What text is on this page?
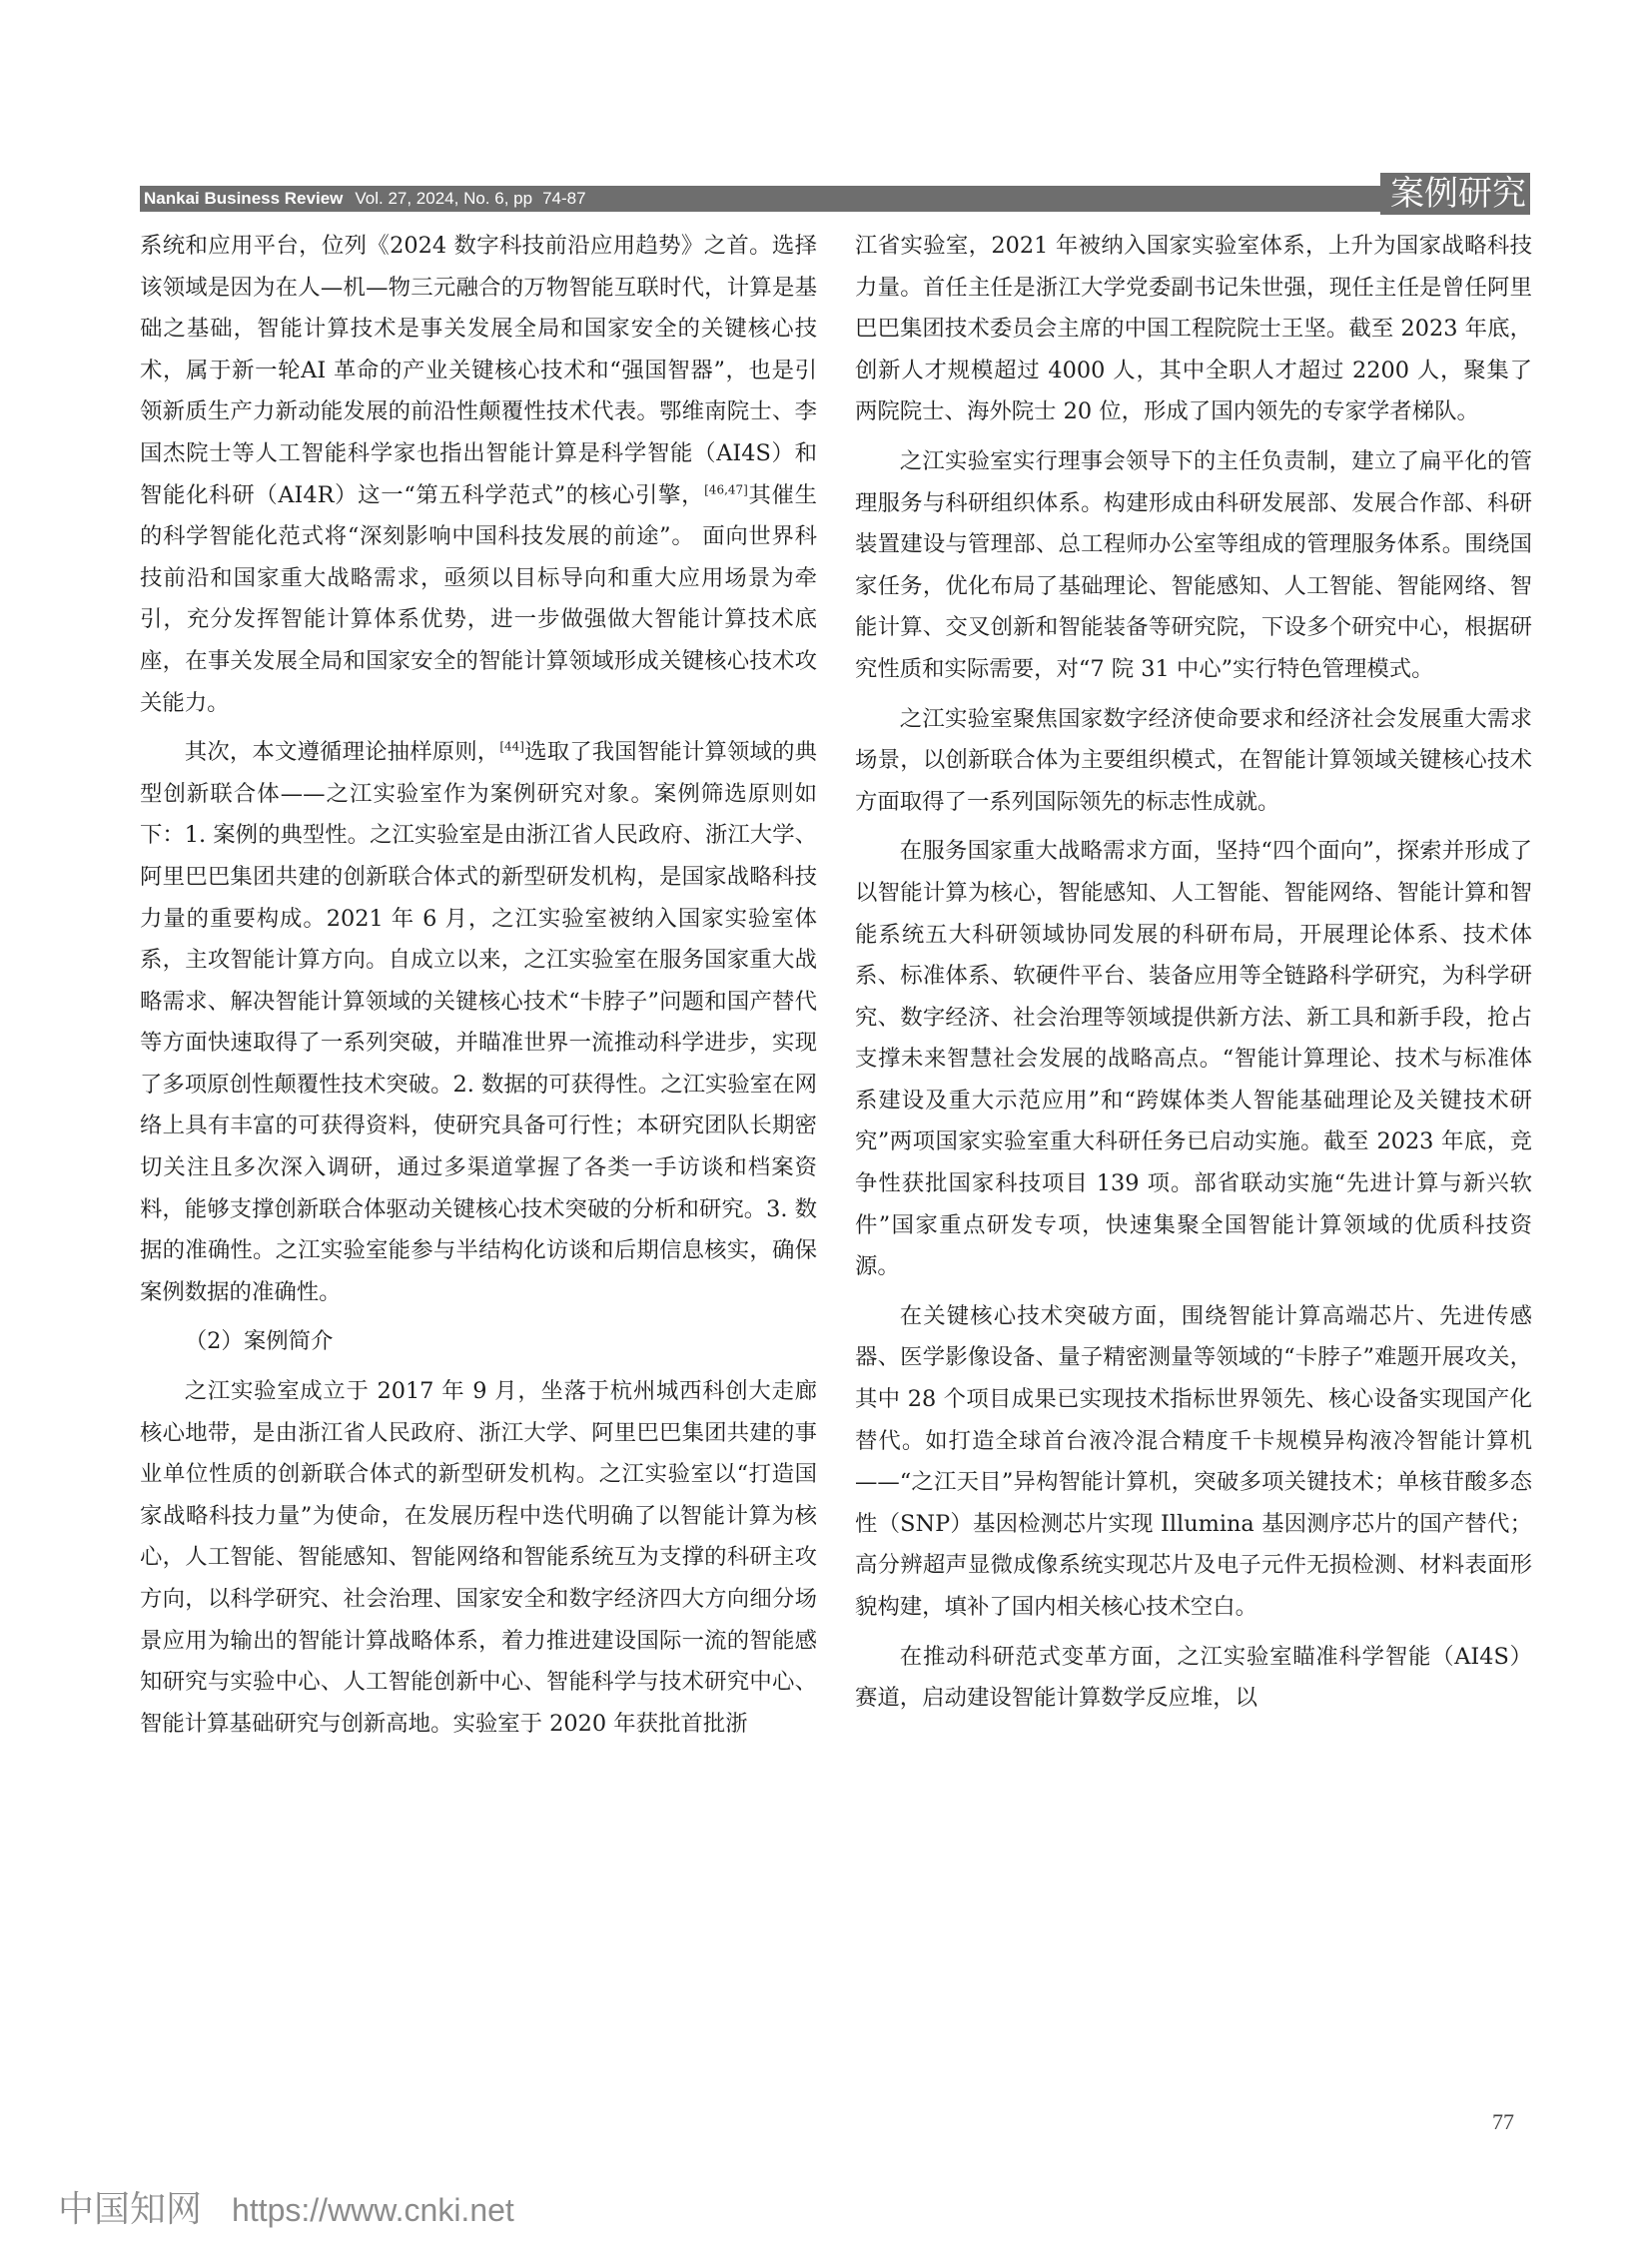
Nankai Business Review Vol. 27, 2024, No. 6, pp 74-87	案例研究

系统和应用平台，位列《2024 数字科技前沿应用趋势》之首。选择该领域是因为在人—机—物三元融合的万物智能互联时代，计算是基础之基础，智能计算技术是事关发展全局和国家安全的关键核心技术，属于新一轮AI 革命的产业关键核心技术和“强国智器”，也是引领新质生产力新动能发展的前沿性颠覆性技术代表。鄂维南院士、李国杰院士等人工智能科学家也指出智能计算是科学智能（AI4S）和智能化科研（AI4R）这一“第五科学范式”的核心引擎，[46,47]其催生的科学智能化范式将“深刻影响中国科技发展的前途”。 面向世界科技前沿和国家重大战略需求，亟须以目标导向和重大应用场景为牵引，充分发挥智能计算体系优势，进一步做强做大智能计算技术底座，在事关发展全局和国家安全的智能计算领域形成关键核心技术攻关能力。

其次，本文遵循理论抽样原则，[44]选取了我国智能计算领域的典型创新联合体——之江实验室作为案例研究对象。案例筛选原则如下：1. 案例的典型性。之江实验室是由浙江省人民政府、浙江大学、阿里巴巴集团共建的创新联合体式的新型研发机构，是国家战略科技力量的重要构成。2021 年 6 月，之江实验室被纳入国家实验室体系，主攻智能计算方向。自成立以来，之江实验室在服务国家重大战略需求、解决智能计算领域的关键核心技术“卡脖子”问题和国产替代等方面快速取得了一系列突破，并瞄准世界一流推动科学进步，实现了多项原创性颠覆性技术突破。2. 数据的可获得性。之江实验室在网络上具有丰富的可获得资料，使研究具备可行性；本研究团队长期密切关注且多次深入调研，通过多渠道掌握了各类一手访谈和档案资料，能够支撑创新联合体驱动关键核心技术突破的分析和研究。3. 数据的准确性。之江实验室能参与半结构化访谈和后期信息核实，确保案例数据的准确性。

（2）案例简介

之江实验室成立于 2017 年 9 月，坐落于杭州城西科创大走廊核心地带，是由浙江省人民政府、浙江大学、阿里巴巴集团共建的事业单位性质的创新联合体式的新型研发机构。之江实验室以“打造国家战略科技力量”为使命，在发展历程中迭代明确了以智能计算为核心，人工智能、智能感知、智能网络和智能系统互为支撑的科研主攻方向，以科学研究、社会治理、国家安全和数字经济四大方向细分场景应用为输出的智能计算战略体系，着力推进建设国际一流的智能感知研究与实验中心、人工智能创新中心、智能科学与技术研究中心、智能计算基础研究与创新高地。实验室于 2020 年获批首批浙

江省实验室，2021 年被纳入国家实验室体系，上升为国家战略科技力量。首任主任是浙江大学党委副书记朱世强，现任主任是曾任阿里巴巴集团技术委员会主席的中国工程院院士王坚。截至 2023 年底，创新人才规模超过 4000 人，其中全职人才超过 2200 人，聚集了两院院士、海外院士 20 位，形成了国内领先的专家学者梯队。

之江实验室实行理事会领导下的主任负责制，建立了扁平化的管理服务与科研组织体系。构建形成由科研发展部、发展合作部、科研装置建设与管理部、总工程师办公室等组成的管理服务体系。围绕国家任务，优化布局了基础理论、智能感知、人工智能、智能网络、智能计算、交叉创新和智能装备等研究院，下设多个研究中心，根据研究性质和实际需要，对“7 院 31 中心”实行特色管理模式。

之江实验室聚焦国家数字经济使命要求和经济社会发展重大需求场景，以创新联合体为主要组织模式，在智能计算领域关键核心技术方面取得了一系列国际领先的标志性成就。

在服务国家重大战略需求方面，坚持“四个面向”，探索并形成了以智能计算为核心，智能感知、人工智能、智能网络、智能计算和智能系统五大科研领域协同发展的科研布局，开展理论体系、技术体系、标准体系、软硬件平台、装备应用等全链路科学研究，为科学研究、数字经济、社会治理等领域提供新方法、新工具和新手段，抢占支撑未来智慧社会发展的战略高点。“智能计算理论、技术与标准体系建设及重大示范应用”和“跨媒体类人智能基础理论及关键技术研究”两项国家实验室重大科研任务已启动实施。截至 2023 年底，竞争性获批国家科技项目 139 项。部省联动实施“先进计算与新兴软件”国家重点研发专项，快速集聚全国智能计算领域的优质科技资源。

在关键核心技术突破方面，围绕智能计算高端芯片、先进传感器、医学影像设备、量子精密测量等领域的“卡脖子”难题开展攻关，其中 28 个项目成果已实现技术指标世界领先、核心设备实现国产化替代。如打造全球首台液冷混合精度千卡规模异构液冷智能计算机——“之江天目”异构智能计算机，突破多项关键技术；单核苷酸多态性（SNP）基因检测芯片实现 Illumina 基因测序芯片的国产替代；高分辨超声显微成像系统实现芯片及电子元件无损检测、材料表面形貌构建，填补了国内相关核心技术空白。

在推动科研范式变革方面，之江实验室瞄准科学智能（AI4S）赛道，启动建设智能计算数学反应堆，以

77
中国知网 https://www.cnki.net
